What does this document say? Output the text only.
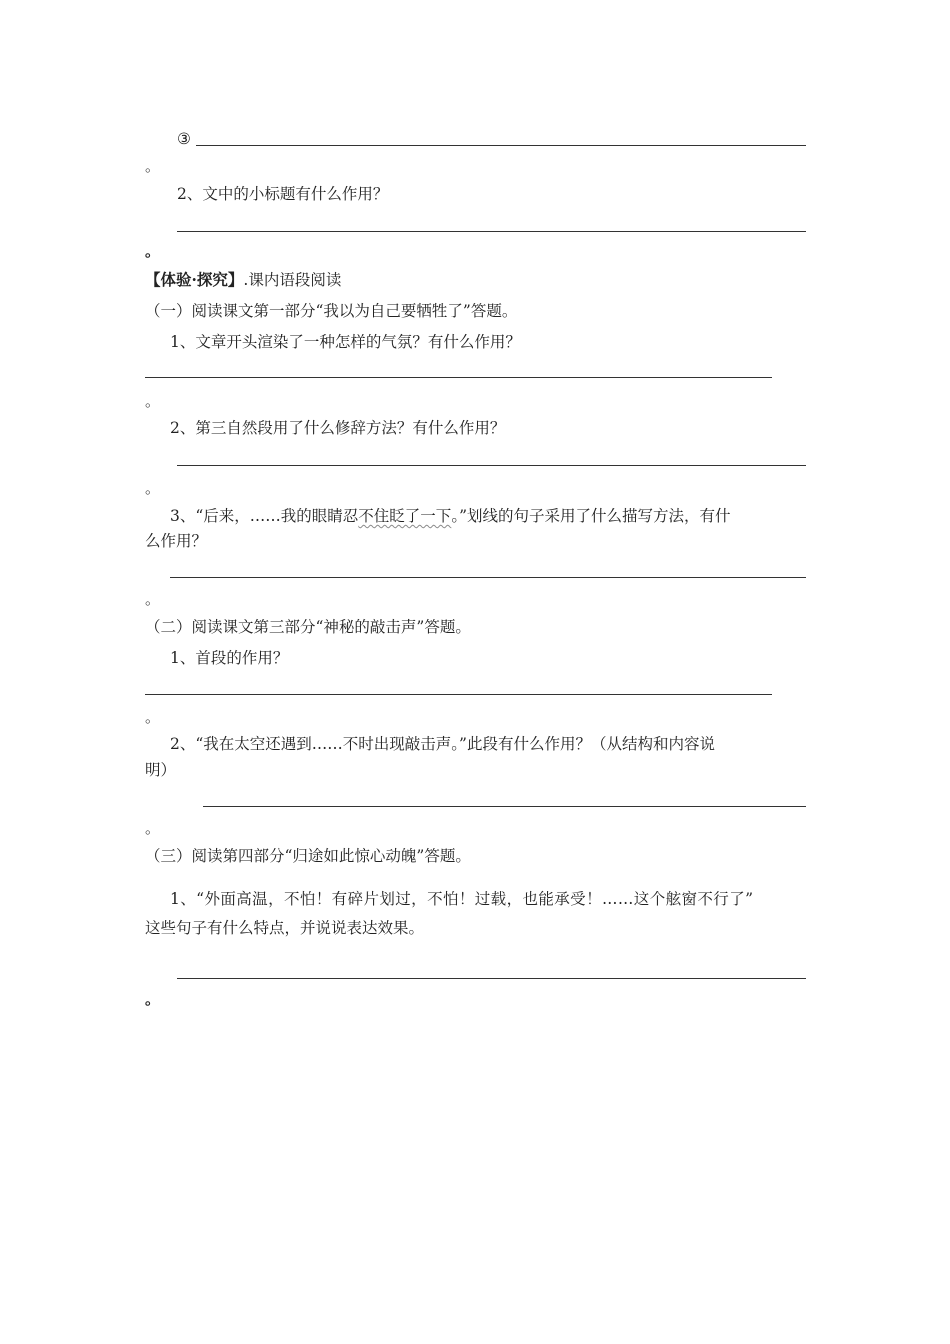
③
。
2、文中的小标题有什么作用？
。
【体验·探究】.课内语段阅读
（一）阅读课文第一部分“我以为自己要牺牲了”答题。
1、文章开头渲染了一种怎样的气氛？有什么作用？
。
2、第三自然段用了什么修辞方法？有什么作用？
。
3、“后来，……我的眼睛忍不住眨了一下。”划线的句子采用了什么描写方法，有什
么作用？
。
（二）阅读课文第三部分“神秘的敲击声”答题。
1、首段的作用？
。
2、“我在太空还遇到……不时出现敲击声。”此段有什么作用？（从结构和内容说
明）
。
（三）阅读第四部分“归途如此惊心动魄”答题。
1、“外面高温，不怕！有碎片划过，不怕！过载，也能承受！……这个舷窗不行了”
这些句子有什么特点，并说说表达效果。
。
